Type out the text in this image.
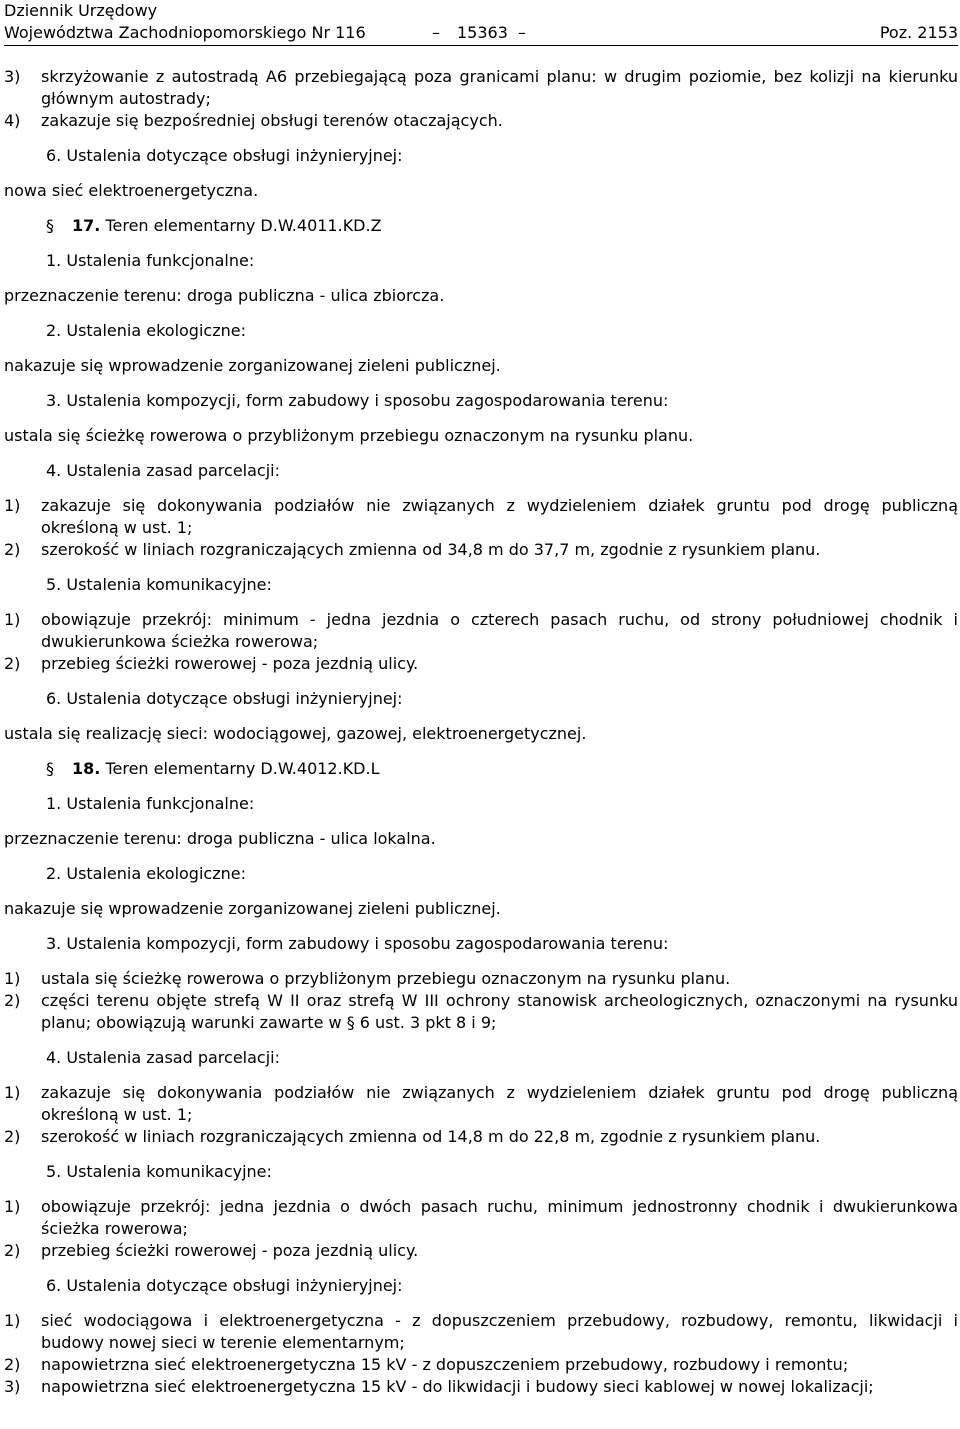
Dziennik Urzędowy
Województwa Zachodniopomorskiego Nr 116	– 15363 –	Poz. 2153
3) skrzyżowanie z autostradą A6 przebiegającą poza granicami planu: w drugim poziomie, bez kolizji na kierunku głównym autostrady;
4) zakazuje się bezpośredniej obsługi terenów otaczających.
6. Ustalenia dotyczące obsługi inżynieryjnej:
nowa sieć elektroenergetyczna.
§ 17. Teren elementarny D.W.4011.KD.Z
1. Ustalenia funkcjonalne:
przeznaczenie terenu: droga publiczna - ulica zbiorcza.
2. Ustalenia ekologiczne:
nakazuje się wprowadzenie zorganizowanej zieleni publicznej.
3. Ustalenia kompozycji, form zabudowy i sposobu zagospodarowania terenu:
ustala się ścieżkę rowerowa o przybliżonym przebiegu oznaczonym na rysunku planu.
4. Ustalenia zasad parcelacji:
1) zakazuje się dokonywania podziałów nie związanych z wydzieleniem działek gruntu pod drogę publiczną określoną w ust. 1;
2) szerokość w liniach rozgraniczających zmienna od 34,8 m do 37,7 m, zgodnie z rysunkiem planu.
5. Ustalenia komunikacyjne:
1) obowiązuje przekrój: minimum - jedna jezdnia o czterech pasach ruchu, od strony południowej chodnik i dwukierunkowa ścieżka rowerowa;
2) przebieg ścieżki rowerowej - poza jezdnią ulicy.
6. Ustalenia dotyczące obsługi inżynieryjnej:
ustala się realizację sieci: wodociągowej, gazowej, elektroenergetycznej.
§ 18. Teren elementarny D.W.4012.KD.L
1. Ustalenia funkcjonalne:
przeznaczenie terenu: droga publiczna - ulica lokalna.
2. Ustalenia ekologiczne:
nakazuje się wprowadzenie zorganizowanej zieleni publicznej.
3. Ustalenia kompozycji, form zabudowy i sposobu zagospodarowania terenu:
1) ustala się ścieżkę rowerowa o przybliżonym przebiegu oznaczonym na rysunku planu.
2) części terenu objęte strefą W II oraz strefą W III ochrony stanowisk archeologicznych, oznaczonymi na rysunku planu; obowiązują warunki zawarte w § 6 ust. 3 pkt 8 i 9;
4. Ustalenia zasad parcelacji:
1) zakazuje się dokonywania podziałów nie związanych z wydzieleniem działek gruntu pod drogę publiczną określoną w ust. 1;
2) szerokość w liniach rozgraniczających zmienna od 14,8 m do 22,8 m, zgodnie z rysunkiem planu.
5. Ustalenia komunikacyjne:
1) obowiązuje przekrój: jedna jezdnia o dwóch pasach ruchu, minimum jednostronny chodnik i dwukierunkowa ścieżka rowerowa;
2) przebieg ścieżki rowerowej - poza jezdnią ulicy.
6. Ustalenia dotyczące obsługi inżynieryjnej:
1) sieć wodociągowa i elektroenergetyczna - z dopuszczeniem przebudowy, rozbudowy, remontu, likwidacji i budowy nowej sieci w terenie elementarnym;
2) napowietrzna sieć elektroenergetyczna 15 kV - z dopuszczeniem przebudowy, rozbudowy i remontu;
3) napowietrzna sieć elektroenergetyczna 15 kV - do likwidacji i budowy sieci kablowej w nowej lokalizacji;
